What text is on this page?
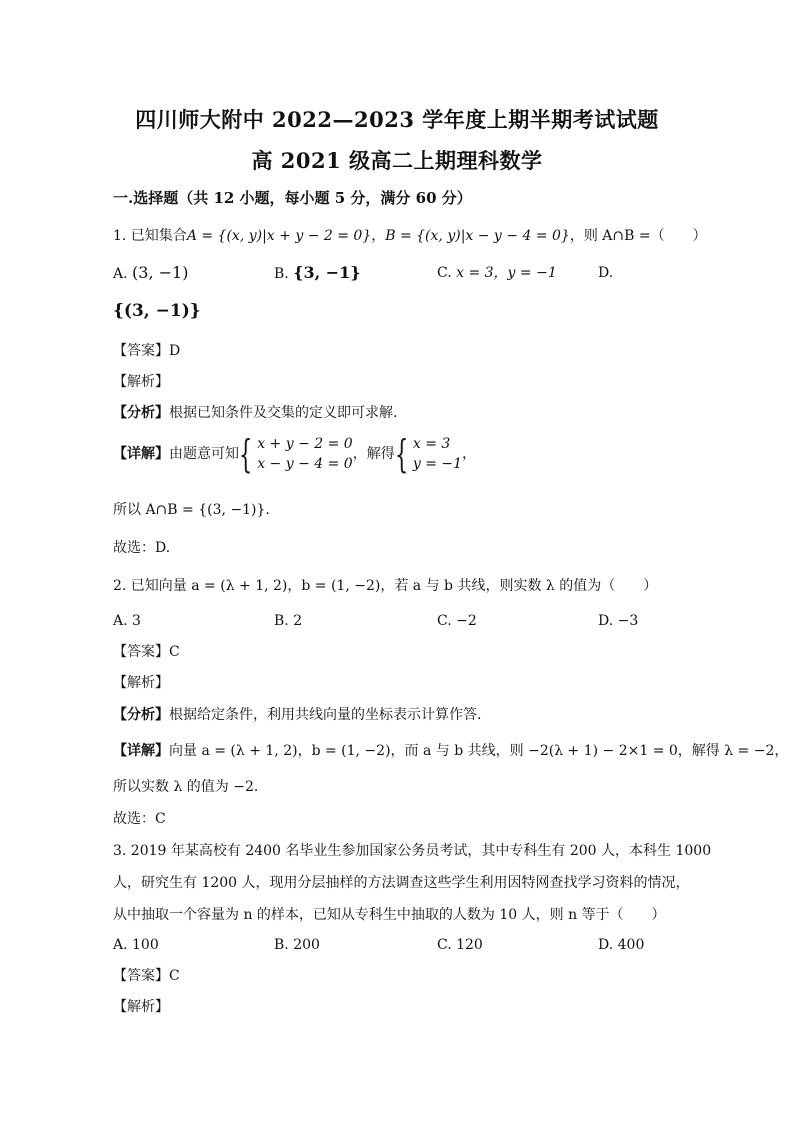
四川师大附中 2022—2023 学年度上期半期考试试题
高 2021 级高二上期理科数学
一.选择题（共 12 小题，每小题 5 分，满分 60 分）
1. 已知集合A = {(x, y)|x + y − 2 = 0}，B = {(x, y)|x − y − 4 = 0}，则 A∩B =（　　）
A. (3, −1)	B. {3, −1}	C. x = 3，y = −1	D.
{(3, −1)}
【答案】D
【解析】
【分析】根据已知条件及交集的定义即可求解.
【详解】由题意可知{ x + y − 2 = 0
x − y − 4 = 0
，解得{ x = 3
y = −1
，
所以 A∩B = {(3, −1)}.
故选：D.
2. 已知向量 a = (λ + 1, 2)，b = (1, −2)，若 a 与 b 共线，则实数 λ 的值为（　　）
A. 3	B. 2	C. −2	D. −3
【答案】C
【解析】
【分析】根据给定条件，利用共线向量的坐标表示计算作答.
【详解】向量 a = (λ + 1, 2)，b = (1, −2)，而 a 与 b 共线，则 −2(λ + 1) − 2×1 = 0，解得 λ = −2，
所以实数 λ 的值为 −2.
故选：C
3. 2019 年某高校有 2400 名毕业生参加国家公务员考试，其中专科生有 200 人，本科生 1000
人，研究生有 1200 人，现用分层抽样的方法调查这些学生利用因特网查找学习资料的情况，
从中抽取一个容量为 n 的样本，已知从专科生中抽取的人数为 10 人，则 n 等于（　　）
A. 100	B. 200	C. 120	D. 400
【答案】C
【解析】
